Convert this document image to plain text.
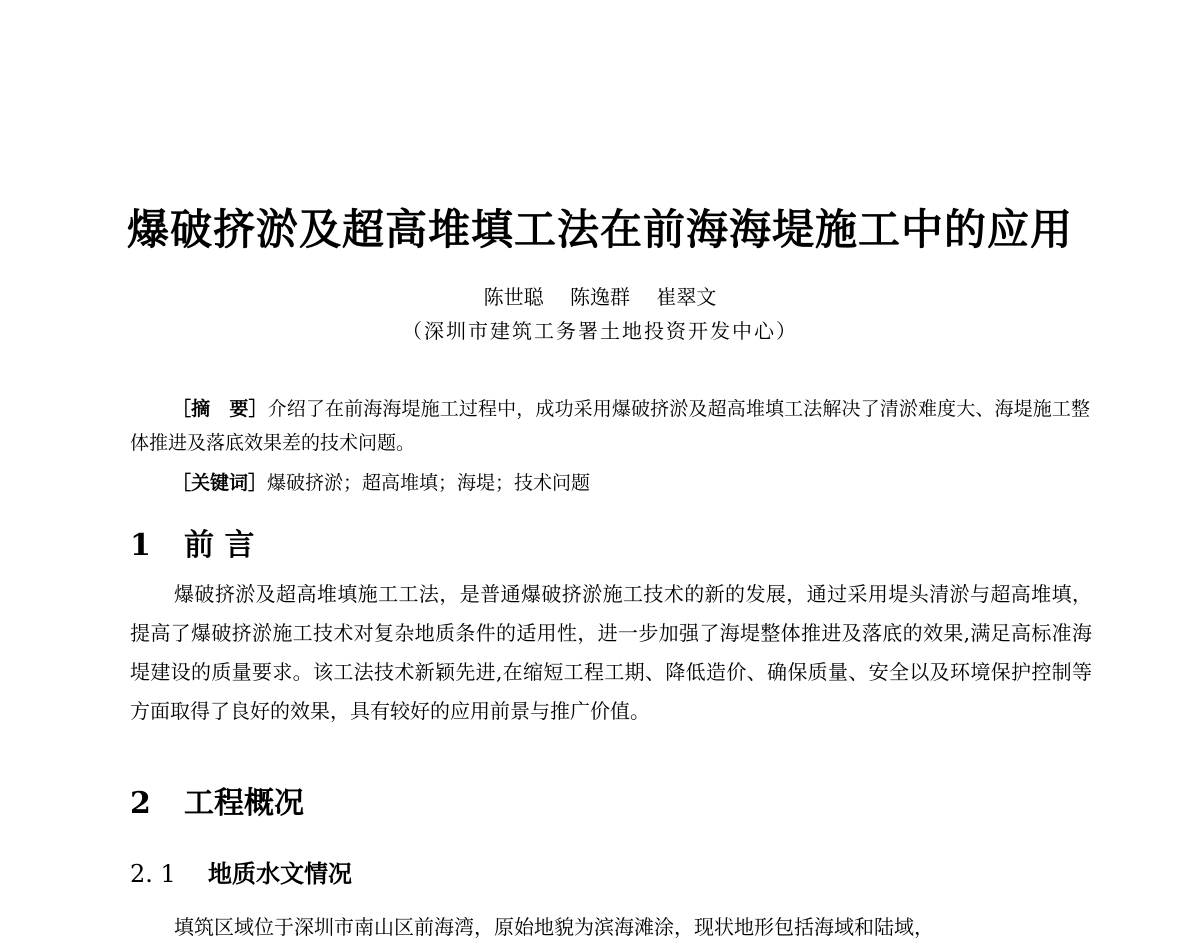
爆破挤淤及超高堆填工法在前海海堤施工中的应用
陈世聪 陈逸群 崔翠文
（深圳市建筑工务署土地投资开发中心）
［摘　要］介绍了在前海海堤施工过程中，成功采用爆破挤淤及超高堆填工法解决了清淤难度大、海堤施工整体推进及落底效果差的技术问题。
［关键词］爆破挤淤；超高堆填；海堤；技术问题
1 前 言
爆破挤淤及超高堆填施工工法，是普通爆破挤淤施工技术的新的发展，通过采用堤头清淤与超高堆填，提高了爆破挤淤施工技术对复杂地质条件的适用性，进一步加强了海堤整体推进及落底的效果,满足高标准海堤建设的质量要求。该工法技术新颖先进,在缩短工程工期、降低造价、确保质量、安全以及环境保护控制等方面取得了良好的效果，具有较好的应用前景与推广价值。
2 工程概况
2. 1 地质水文情况
填筑区域位于深圳市南山区前海湾，原始地貌为滨海滩涂，现状地形包括海域和陆域，
